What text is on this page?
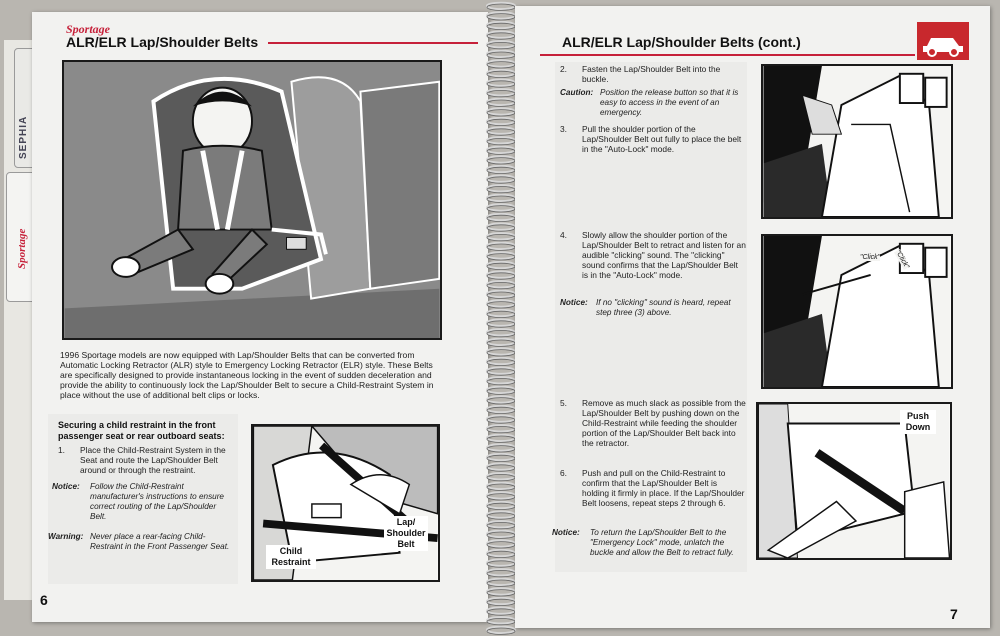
SEPHIA
Sportage
Sportage
ALR/ELR Lap/Shoulder Belts
1996 Sportage models are now equipped with Lap/Shoulder Belts that can be converted from Automatic Locking Retractor (ALR) style to Emergency Locking Retractor (ELR) style. These Belts are specifically designed to provide instantaneous locking in the event of sudden deceleration and provide the ability to continuously lock the Lap/Shoulder Belt to secure a Child-Restraint System in place without the use of additional belt clips or locks.
Securing a child restraint in the front passenger seat or rear outboard seats:
1. Place the Child-Restraint System in the Seat and route the Lap/Shoulder Belt around or through the restraint.
Notice: Follow the Child-Restraint manufacturer's instructions to ensure correct routing of the Lap/Shoulder Belt.
Warning: Never place a rear-facing Child-Restraint in the Front Passenger Seat.
Lap/ Shoulder Belt
Child Restraint
6
ALR/ELR Lap/Shoulder Belts (cont.)
2. Fasten the Lap/Shoulder Belt into the buckle.
Caution: Position the release button so that it is easy to access in the event of an emergency.
3. Pull the shoulder portion of the Lap/Shoulder Belt out fully to place the belt in the "Auto-Lock" mode.
4. Slowly allow the shoulder portion of the Lap/Shoulder Belt to retract and listen for an audible "clicking" sound. The "clicking" sound confirms that the Lap/Shoulder Belt is in the "Auto-Lock" mode.
Notice: If no "clicking" sound is heard, repeat step three (3) above.
5. Remove as much slack as possible from the Lap/Shoulder Belt by pushing down on the Child-Restraint while feeding the shoulder portion of the Lap/Shoulder Belt back into the retractor.
6. Push and pull on the Child-Restraint to confirm that the Lap/Shoulder Belt is holding it firmly in place. If the Lap/Shoulder Belt loosens, repeat steps 2 through 6.
Notice: To return the Lap/Shoulder Belt to the "Emergency Lock" mode, unlatch the buckle and allow the Belt to retract fully.
"Click" "Click"
Push Down
7
